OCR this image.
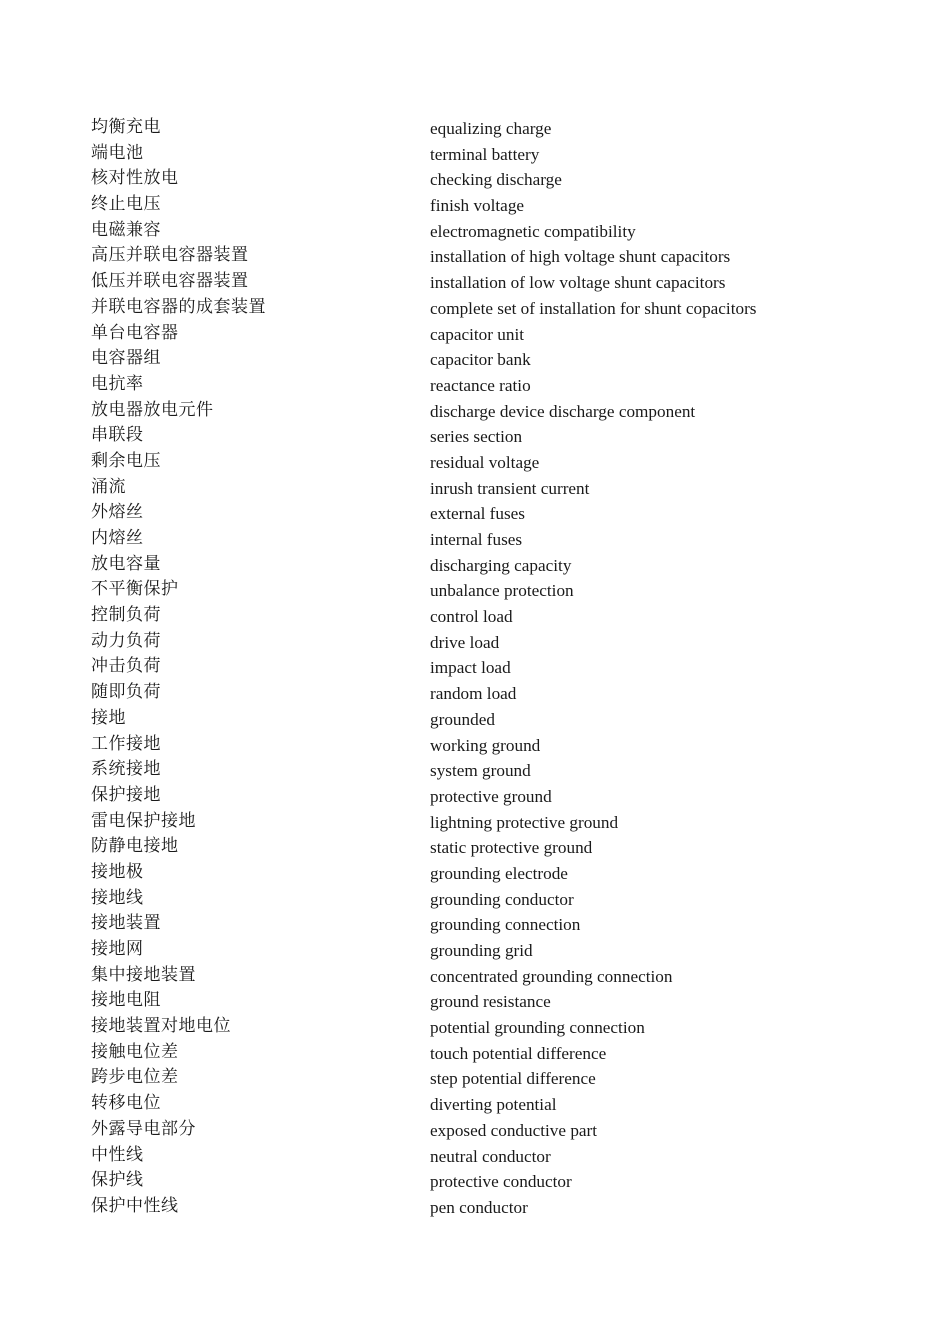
均衡充电	equalizing charge
端电池	terminal battery
核对性放电	checking discharge
终止电压	finish voltage
电磁兼容	electromagnetic compatibility
高压并联电容器装置	installation of high voltage shunt capacitors
低压并联电容器装置	installation of low voltage shunt capacitors
并联电容器的成套装置	complete set of installation for shunt copacitors
单台电容器	capacitor unit
电容器组	capacitor bank
电抗率	reactance ratio
放电器放电元件	discharge device discharge component
串联段	series section
剩余电压	residual voltage
涌流	inrush transient current
外熔丝	external fuses
内熔丝	internal fuses
放电容量	discharging capacity
不平衡保护	unbalance protection
控制负荷	control load
动力负荷	drive load
冲击负荷	impact load
随即负荷	random load
接地	grounded
工作接地	working ground
系统接地	system ground
保护接地	protective ground
雷电保护接地	lightning protective ground
防静电接地	static protective ground
接地极	grounding electrode
接地线	grounding conductor
接地装置	grounding connection
接地网	grounding grid
集中接地装置	concentrated grounding connection
接地电阻	ground resistance
接地装置对地电位	potential grounding connection
接触电位差	touch potential difference
跨步电位差	step potential difference
转移电位	diverting potential
外露导电部分	exposed conductive part
中性线	neutral conductor
保护线	protective conductor
保护中性线	pen conductor
